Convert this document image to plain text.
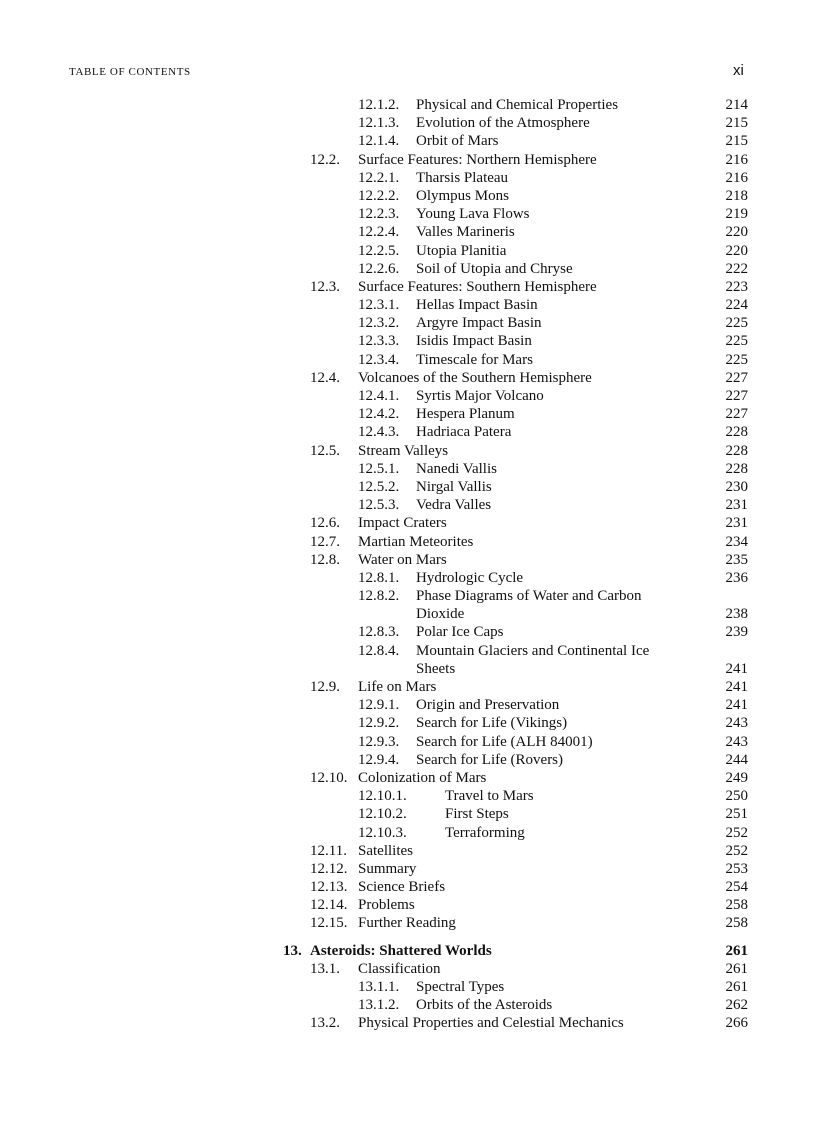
TABLE OF CONTENTS	xi
12.1.2. Physical and Chemical Properties	214
12.1.3. Evolution of the Atmosphere	215
12.1.4. Orbit of Mars	215
12.2. Surface Features: Northern Hemisphere	216
12.2.1. Tharsis Plateau	216
12.2.2. Olympus Mons	218
12.2.3. Young Lava Flows	219
12.2.4. Valles Marineris	220
12.2.5. Utopia Planitia	220
12.2.6. Soil of Utopia and Chryse	222
12.3. Surface Features: Southern Hemisphere	223
12.3.1. Hellas Impact Basin	224
12.3.2. Argyre Impact Basin	225
12.3.3. Isidis Impact Basin	225
12.3.4. Timescale for Mars	225
12.4. Volcanoes of the Southern Hemisphere	227
12.4.1. Syrtis Major Volcano	227
12.4.2. Hespera Planum	227
12.4.3. Hadriaca Patera	228
12.5. Stream Valleys	228
12.5.1. Nanedi Vallis	228
12.5.2. Nirgal Vallis	230
12.5.3. Vedra Valles	231
12.6. Impact Craters	231
12.7. Martian Meteorites	234
12.8. Water on Mars	235
12.8.1. Hydrologic Cycle	236
12.8.2. Phase Diagrams of Water and Carbon
Dioxide	238
12.8.3. Polar Ice Caps	239
12.8.4. Mountain Glaciers and Continental Ice
Sheets	241
12.9. Life on Mars	241
12.9.1. Origin and Preservation	241
12.9.2. Search for Life (Vikings)	243
12.9.3. Search for Life (ALH 84001)	243
12.9.4. Search for Life (Rovers)	244
12.10. Colonization of Mars	249
12.10.1.	Travel to Mars	250
12.10.2.	First Steps	251
12.10.3.	Terraforming	252
12.11. Satellites	252
12.12. Summary	253
12.13. Science Briefs	254
12.14. Problems	258
12.15. Further Reading	258
13. Asteroids: Shattered Worlds	261
13.1. Classification	261
13.1.1. Spectral Types	261
13.1.2. Orbits of the Asteroids	262
13.2. Physical Properties and Celestial Mechanics	266
